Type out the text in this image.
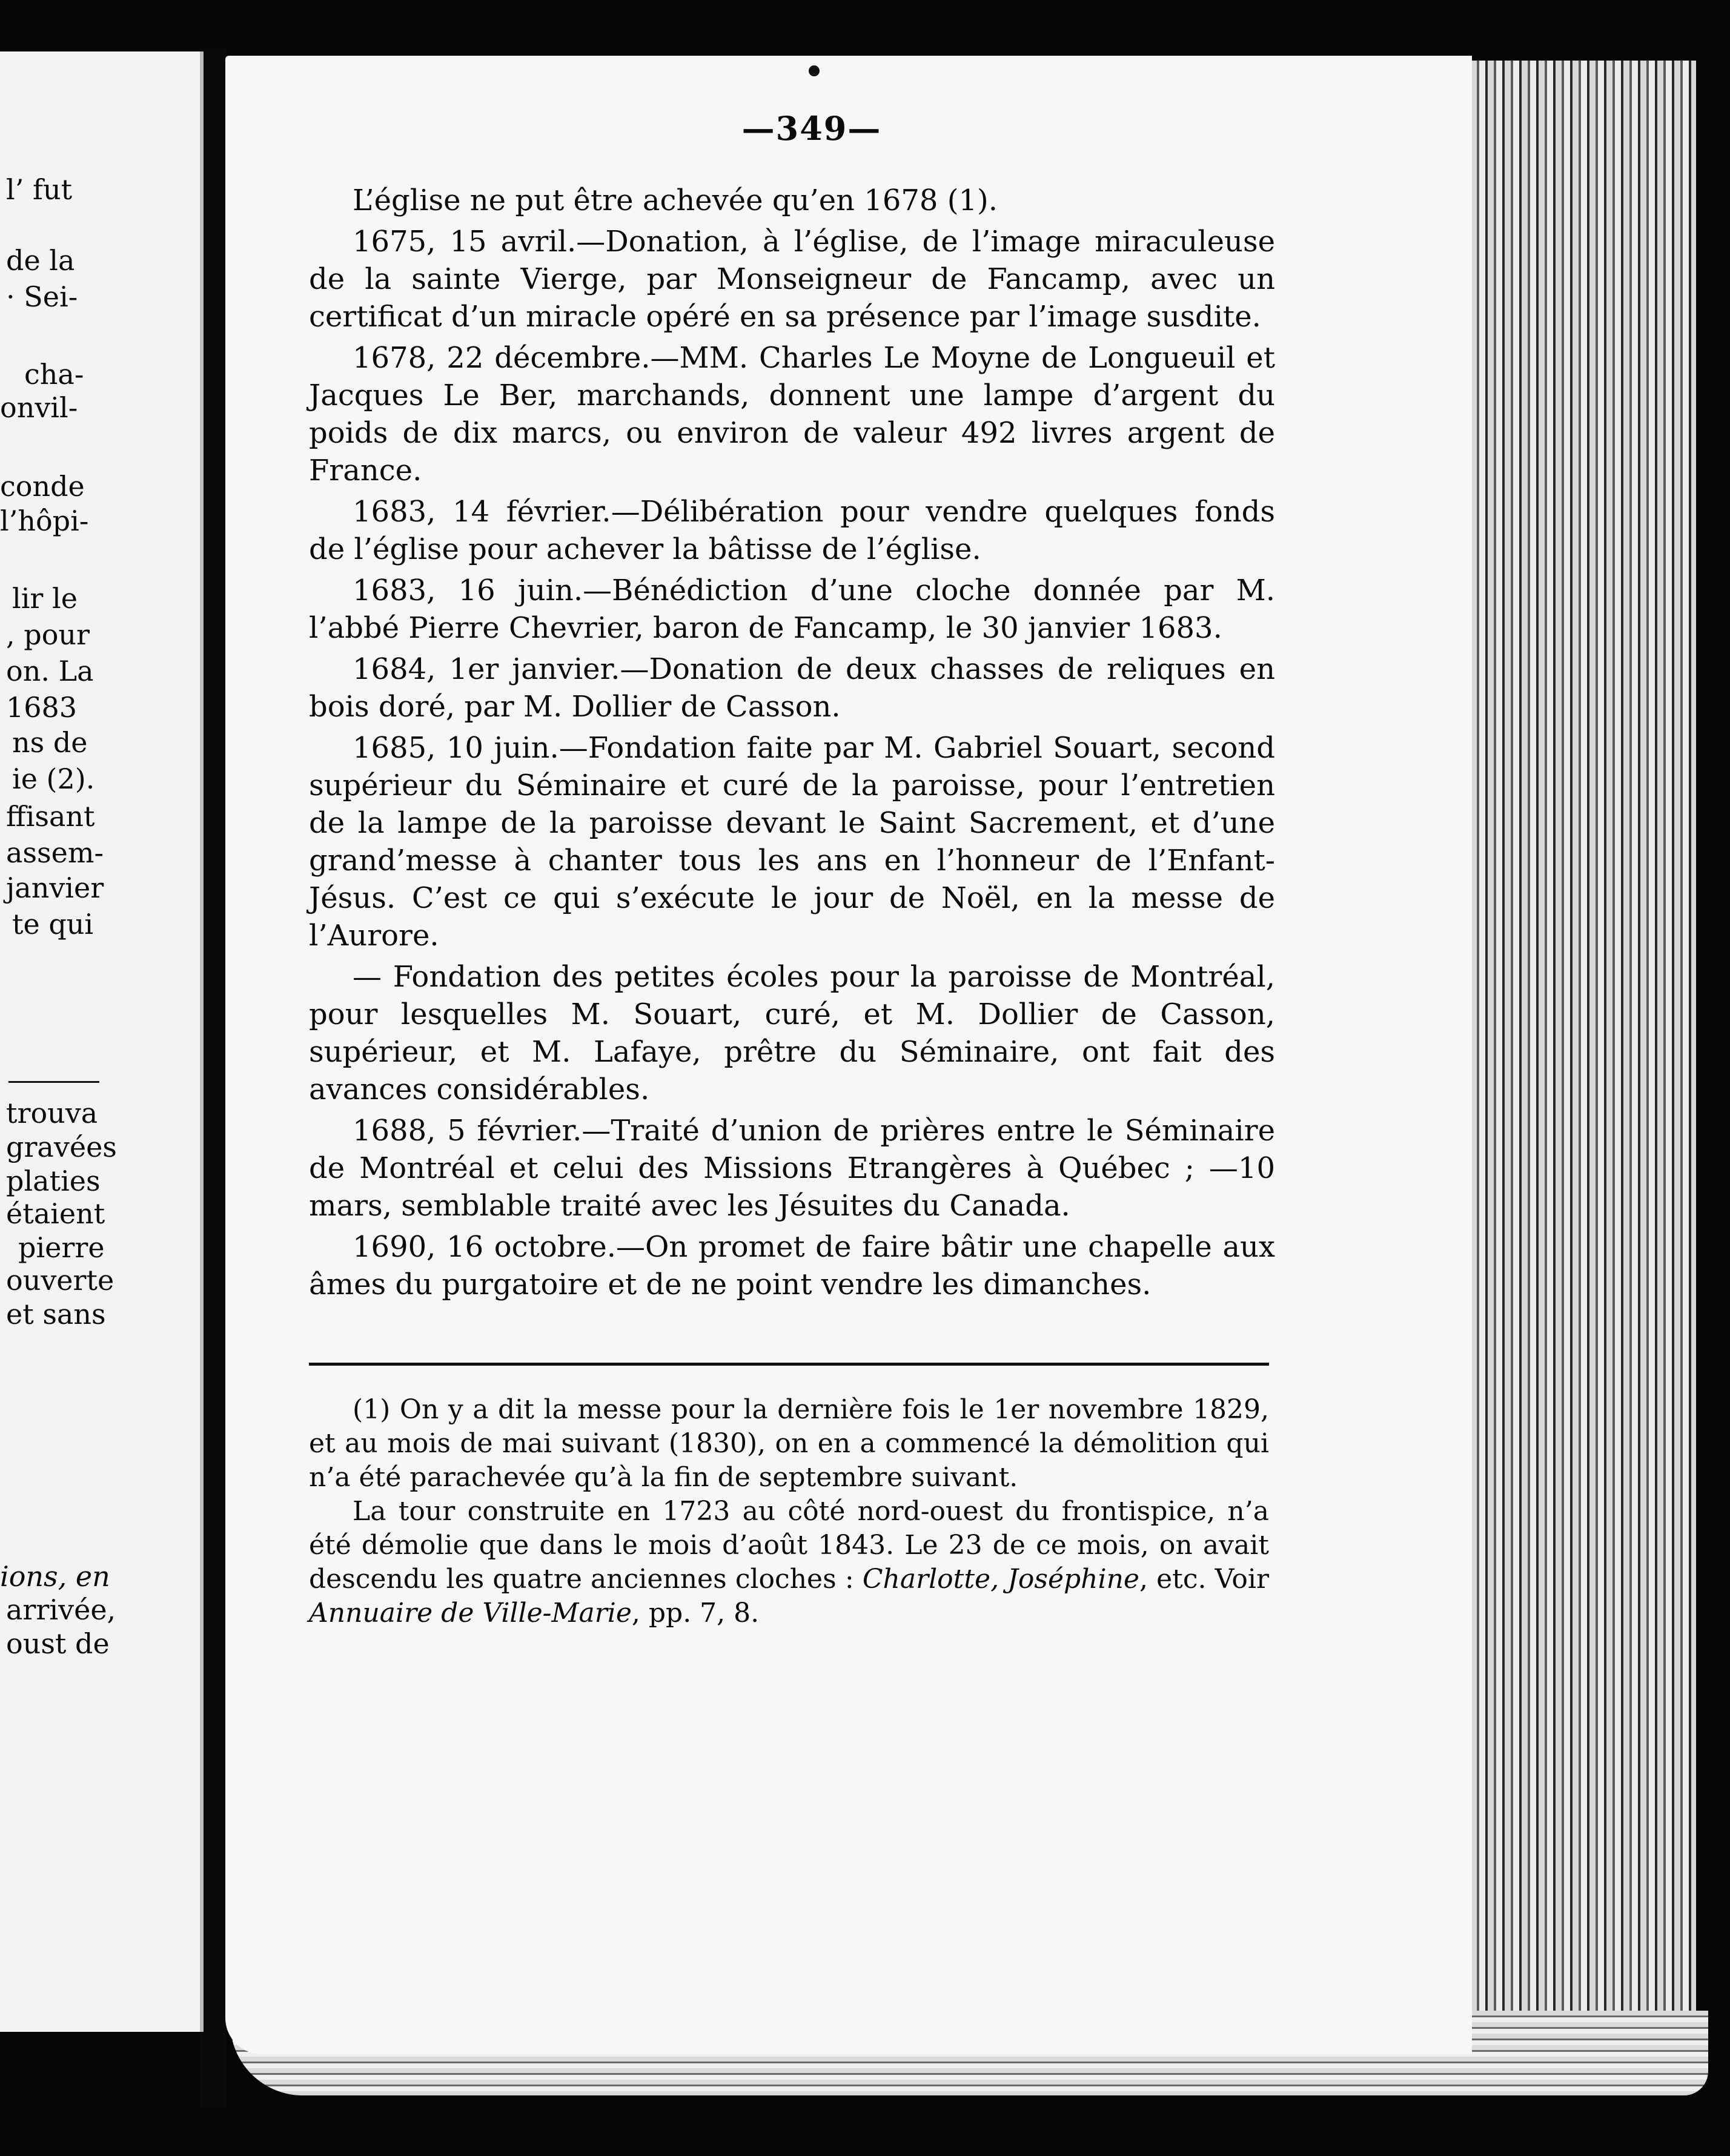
l’ fut
de la
· Sei-
cha-
onvil-
conde
l’hôpi-
lir le
, pour
on. La
1683
ns de
ie (2).
ffisant
assem-
janvier
te qui
trouva
gravées
platies
étaient
pierre
ouverte
et sans
ions, en
arrivée,
oust de
—349—

L’église ne put être achevée qu’en 1678 (1).

1675, 15 avril.—Donation, à l’église, de l’image miraculeuse de la sainte Vierge, par Monseigneur de Fancamp, avec un certificat d’un miracle opéré en sa présence par l’image susdite.

1678, 22 décembre.—MM. Charles Le Moyne de Longueuil et Jacques Le Ber, marchands, donnent une lampe d’argent du poids de dix marcs, ou environ de valeur 492 livres argent de France.

1683, 14 février.—Délibération pour vendre quelques fonds de l’église pour achever la bâtisse de l’église.

1683, 16 juin.—Bénédiction d’une cloche donnée par M. l’abbé Pierre Chevrier, baron de Fancamp, le 30 janvier 1683.

1684, 1er janvier.—Donation de deux chasses de reliques en bois doré, par M. Dollier de Casson.

1685, 10 juin.—Fondation faite par M. Gabriel Souart, second supérieur du Séminaire et curé de la paroisse, pour l’entretien de la lampe de la paroisse devant le Saint Sacrement, et d’une grand’messe à chanter tous les ans en l’honneur de l’Enfant-Jésus. C’est ce qui s’exécute le jour de Noël, en la messe de l’Aurore.

— Fondation des petites écoles pour la paroisse de Montréal, pour lesquelles M. Souart, curé, et M. Dollier de Casson, supérieur, et M. Lafaye, prêtre du Séminaire, ont fait des avances considérables.

1688, 5 février.—Traité d’union de prières entre le Séminaire de Montréal et celui des Missions Etrangères à Québec ; —10 mars, semblable traité avec les Jésuites du Canada.

1690, 16 octobre.—On promet de faire bâtir une chapelle aux âmes du purgatoire et de ne point vendre les dimanches.

(1) On y a dit la messe pour la dernière fois le 1er novembre 1829, et au mois de mai suivant (1830), on en a commencé la démolition qui n’a été parachevée qu’à la fin de septembre suivant.

La tour construite en 1723 au côté nord-ouest du frontispice, n’a été démolie que dans le mois d’août 1843. Le 23 de ce mois, on avait descendu les quatre anciennes cloches : Charlotte, Joséphine, etc. Voir Annuaire de Ville-Marie, pp. 7, 8.
